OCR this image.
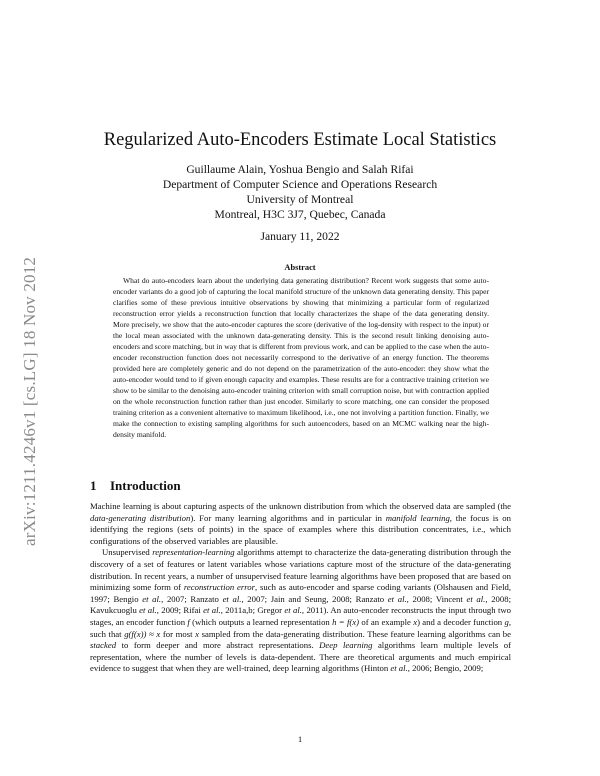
arXiv:1211.4246v1 [cs.LG] 18 Nov 2012
Regularized Auto-Encoders Estimate Local Statistics
Guillaume Alain, Yoshua Bengio and Salah Rifai
Department of Computer Science and Operations Research
University of Montreal
Montreal, H3C 3J7, Quebec, Canada
January 11, 2022
Abstract
What do auto-encoders learn about the underlying data generating distribution? Recent work suggests that some auto-encoder variants do a good job of capturing the local manifold structure of the unknown data generating density. This paper clarifies some of these previous intuitive observations by showing that minimizing a particular form of regularized reconstruction error yields a reconstruction function that locally characterizes the shape of the data generating density. More precisely, we show that the auto-encoder captures the score (derivative of the log-density with respect to the input) or the local mean associated with the unknown data-generating density. This is the second result linking denoising auto-encoders and score matching, but in way that is different from previous work, and can be applied to the case when the auto-encoder reconstruction function does not necessarily correspond to the derivative of an energy function. The theorems provided here are completely generic and do not depend on the parametrization of the auto-encoder: they show what the auto-encoder would tend to if given enough capacity and examples. These results are for a contractive training criterion we show to be similar to the denoising auto-encoder training criterion with small corruption noise, but with contraction applied on the whole reconstruction function rather than just encoder. Similarly to score matching, one can consider the proposed training criterion as a convenient alternative to maximum likelihood, i.e., one not involving a partition function. Finally, we make the connection to existing sampling algorithms for such autoencoders, based on an MCMC walking near the high-density manifold.
1 Introduction

Machine learning is about capturing aspects of the unknown distribution from which the observed data are sampled (the data-generating distribution). For many learning algorithms and in particular in manifold learning, the focus is on identifying the regions (sets of points) in the space of examples where this distribution concentrates, i.e., which configurations of the observed variables are plausible.

Unsupervised representation-learning algorithms attempt to characterize the data-generating distribution through the discovery of a set of features or latent variables whose variations capture most of the structure of the data-generating distribution. In recent years, a number of unsupervised feature learning algorithms have been proposed that are based on minimizing some form of reconstruction error, such as auto-encoder and sparse coding variants (Olshausen and Field, 1997; Bengio et al., 2007; Ranzato et al., 2007; Jain and Seung, 2008; Ranzato et al., 2008; Vincent et al., 2008; Kavukcuoglu et al., 2009; Rifai et al., 2011a,b; Gregor et al., 2011). An auto-encoder reconstructs the input through two stages, an encoder function f (which outputs a learned representation h = f(x) of an example x) and a decoder function g, such that g(f(x)) ≈ x for most x sampled from the data-generating distribution. These feature learning algorithms can be stacked to form deeper and more abstract representations. Deep learning algorithms learn multiple levels of representation, where the number of levels is data-dependent. There are theoretical arguments and much empirical evidence to suggest that when they are well-trained, deep learning algorithms (Hinton et al., 2006; Bengio, 2009;

1
